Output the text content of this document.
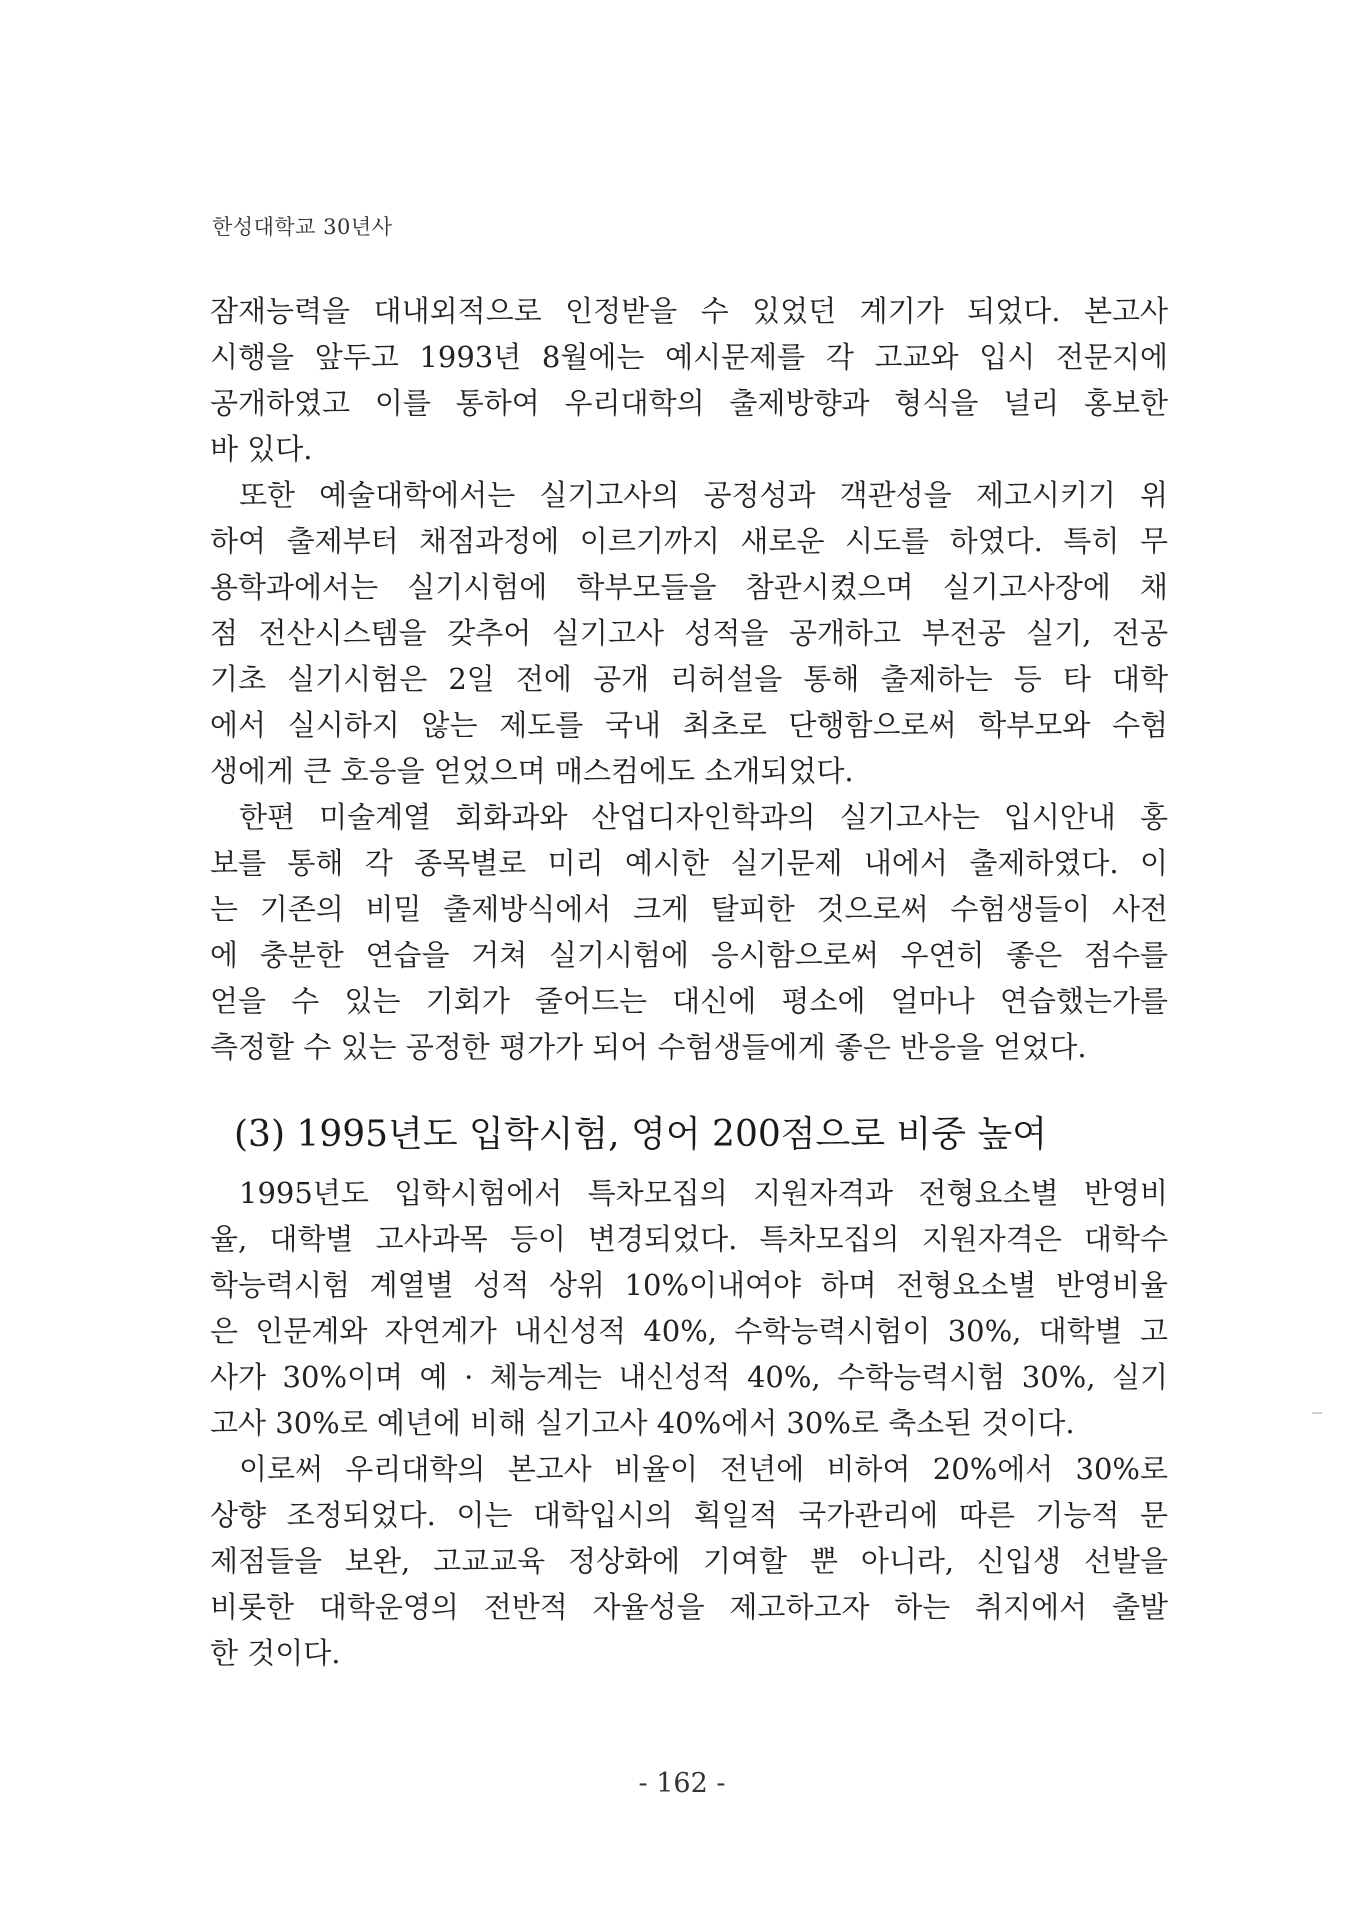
한성대학교 30년사
잠재능력을 대내외적으로 인정받을 수 있었던 계기가 되었다. 본고사
시행을 앞두고 1993년 8월에는 예시문제를 각 고교와 입시 전문지에
공개하였고 이를 통하여 우리대학의 출제방향과 형식을 널리 홍보한
바 있다.
또한 예술대학에서는 실기고사의 공정성과 객관성을 제고시키기 위
하여 출제부터 채점과정에 이르기까지 새로운 시도를 하였다. 특히 무
용학과에서는 실기시험에 학부모들을 참관시켰으며 실기고사장에 채
점 전산시스템을 갖추어 실기고사 성적을 공개하고 부전공 실기, 전공
기초 실기시험은 2일 전에 공개 리허설을 통해 출제하는 등 타 대학
에서 실시하지 않는 제도를 국내 최초로 단행함으로써 학부모와 수험
생에게 큰 호응을 얻었으며 매스컴에도 소개되었다.
한편 미술계열 회화과와 산업디자인학과의 실기고사는 입시안내 홍
보를 통해 각 종목별로 미리 예시한 실기문제 내에서 출제하였다. 이
는 기존의 비밀 출제방식에서 크게 탈피한 것으로써 수험생들이 사전
에 충분한 연습을 거쳐 실기시험에 응시함으로써 우연히 좋은 점수를
얻을 수 있는 기회가 줄어드는 대신에 평소에 얼마나 연습했는가를
측정할 수 있는 공정한 평가가 되어 수험생들에게 좋은 반응을 얻었다.
(3) 1995년도 입학시험, 영어 200점으로 비중 높여
1995년도 입학시험에서 특차모집의 지원자격과 전형요소별 반영비
율, 대학별 고사과목 등이 변경되었다. 특차모집의 지원자격은 대학수
학능력시험 계열별 성적 상위 10%이내여야 하며 전형요소별 반영비율
은 인문계와 자연계가 내신성적 40%, 수학능력시험이 30%, 대학별 고
사가 30%이며 예 · 체능계는 내신성적 40%, 수학능력시험 30%, 실기
고사 30%로 예년에 비해 실기고사 40%에서 30%로 축소된 것이다.
이로써 우리대학의 본고사 비율이 전년에 비하여 20%에서 30%로
상향 조정되었다. 이는 대학입시의 획일적 국가관리에 따른 기능적 문
제점들을 보완, 고교교육 정상화에 기여할 뿐 아니라, 신입생 선발을
비롯한 대학운영의 전반적 자율성을 제고하고자 하는 취지에서 출발
한 것이다.
- 162 -
